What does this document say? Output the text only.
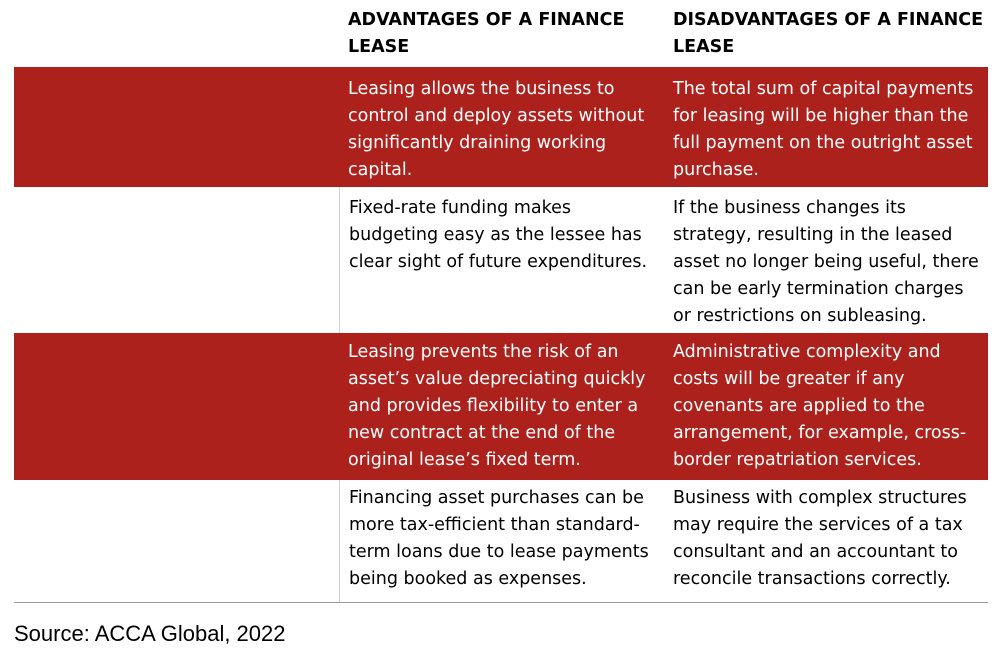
ADVANTAGES OF A FINANCE LEASE
DISADVANTAGES OF A FINANCE LEASE
Leasing allows the business to control and deploy assets without significantly draining working capital.
The total sum of capital payments for leasing will be higher than the full payment on the outright asset purchase.
Fixed-rate funding makes budgeting easy as the lessee has clear sight of future expenditures.
If the business changes its strategy, resulting in the leased asset no longer being useful, there can be early termination charges or restrictions on subleasing.
Leasing prevents the risk of an asset’s value depreciating quickly and provides flexibility to enter a new contract at the end of the original lease’s fixed term.
Administrative complexity and costs will be greater if any covenants are applied to the arrangement, for example, cross-border repatriation services.
Financing asset purchases can be more tax-efficient than standard-term loans due to lease payments being booked as expenses.
Business with complex structures may require the services of a tax consultant and an accountant to reconcile transactions correctly.
Source: ACCA Global, 2022
